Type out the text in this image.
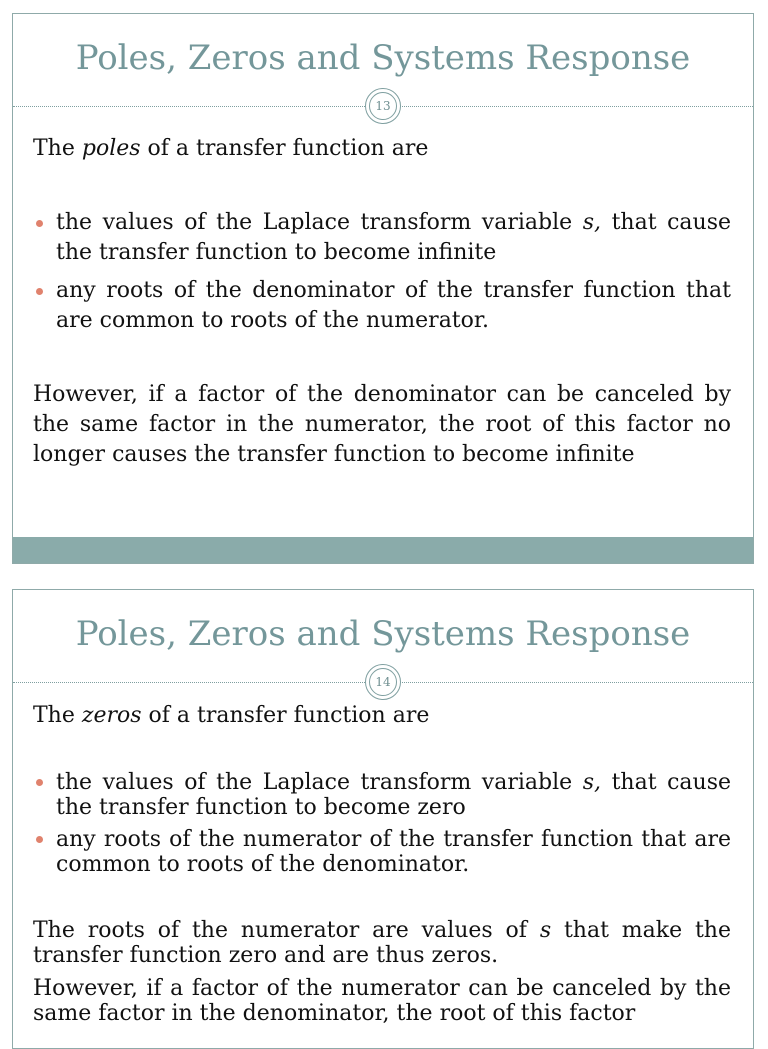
Poles, Zeros and Systems Response
13

The poles of a transfer function are

the values of the Laplace transform variable s, that cause the transfer function to become infinite
any roots of the denominator of the transfer function that are common to roots of the numerator.

However, if a factor of the denominator can be canceled by the same factor in the numerator, the root of this factor no longer causes the transfer function to become infinite

Poles, Zeros and Systems Response
14

The zeros of a transfer function are

the values of the Laplace transform variable s, that cause the transfer function to become zero
any roots of the numerator of the transfer function that are common to roots of the denominator.

The roots of the numerator are values of s that make the transfer function zero and are thus zeros.

However, if a factor of the numerator can be canceled by the same factor in the denominator, the root of this factor
